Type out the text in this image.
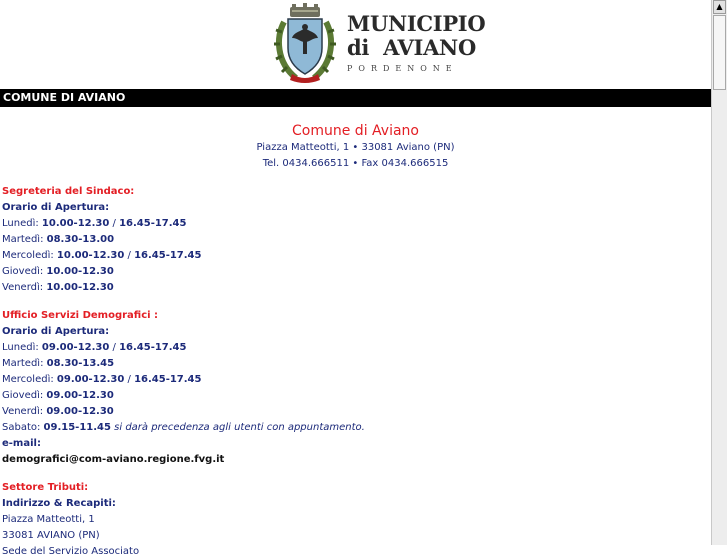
MUNICIPIO
di  AVIANO
PORDENONE
COMUNE DI AVIANO
Comune di Aviano
Piazza Matteotti, 1 • 33081 Aviano (PN)
Tel. 0434.666511 • Fax 0434.666515
Segreteria del Sindaco:
Orario di Apertura:
Lunedì: 10.00-12.30 / 16.45-17.45
Martedì: 08.30-13.00
Mercoledì: 10.00-12.30 / 16.45-17.45
Giovedì: 10.00-12.30
Venerdì: 10.00-12.30
Ufficio Servizi Demografici :
Orario di Apertura:
Lunedì: 09.00-12.30 / 16.45-17.45
Martedì: 08.30-13.45
Mercoledì: 09.00-12.30 / 16.45-17.45
Giovedì: 09.00-12.30
Venerdì: 09.00-12.30
Sabato: 09.15-11.45 si darà precedenza agli utenti con appuntamento.
e-mail:
demografici@com-aviano.regione.fvg.it
Settore Tributi:
Indirizzo & Recapiti:
Piazza Matteotti, 1
33081 AVIANO (PN)
Sede del Servizio Associato
▲
